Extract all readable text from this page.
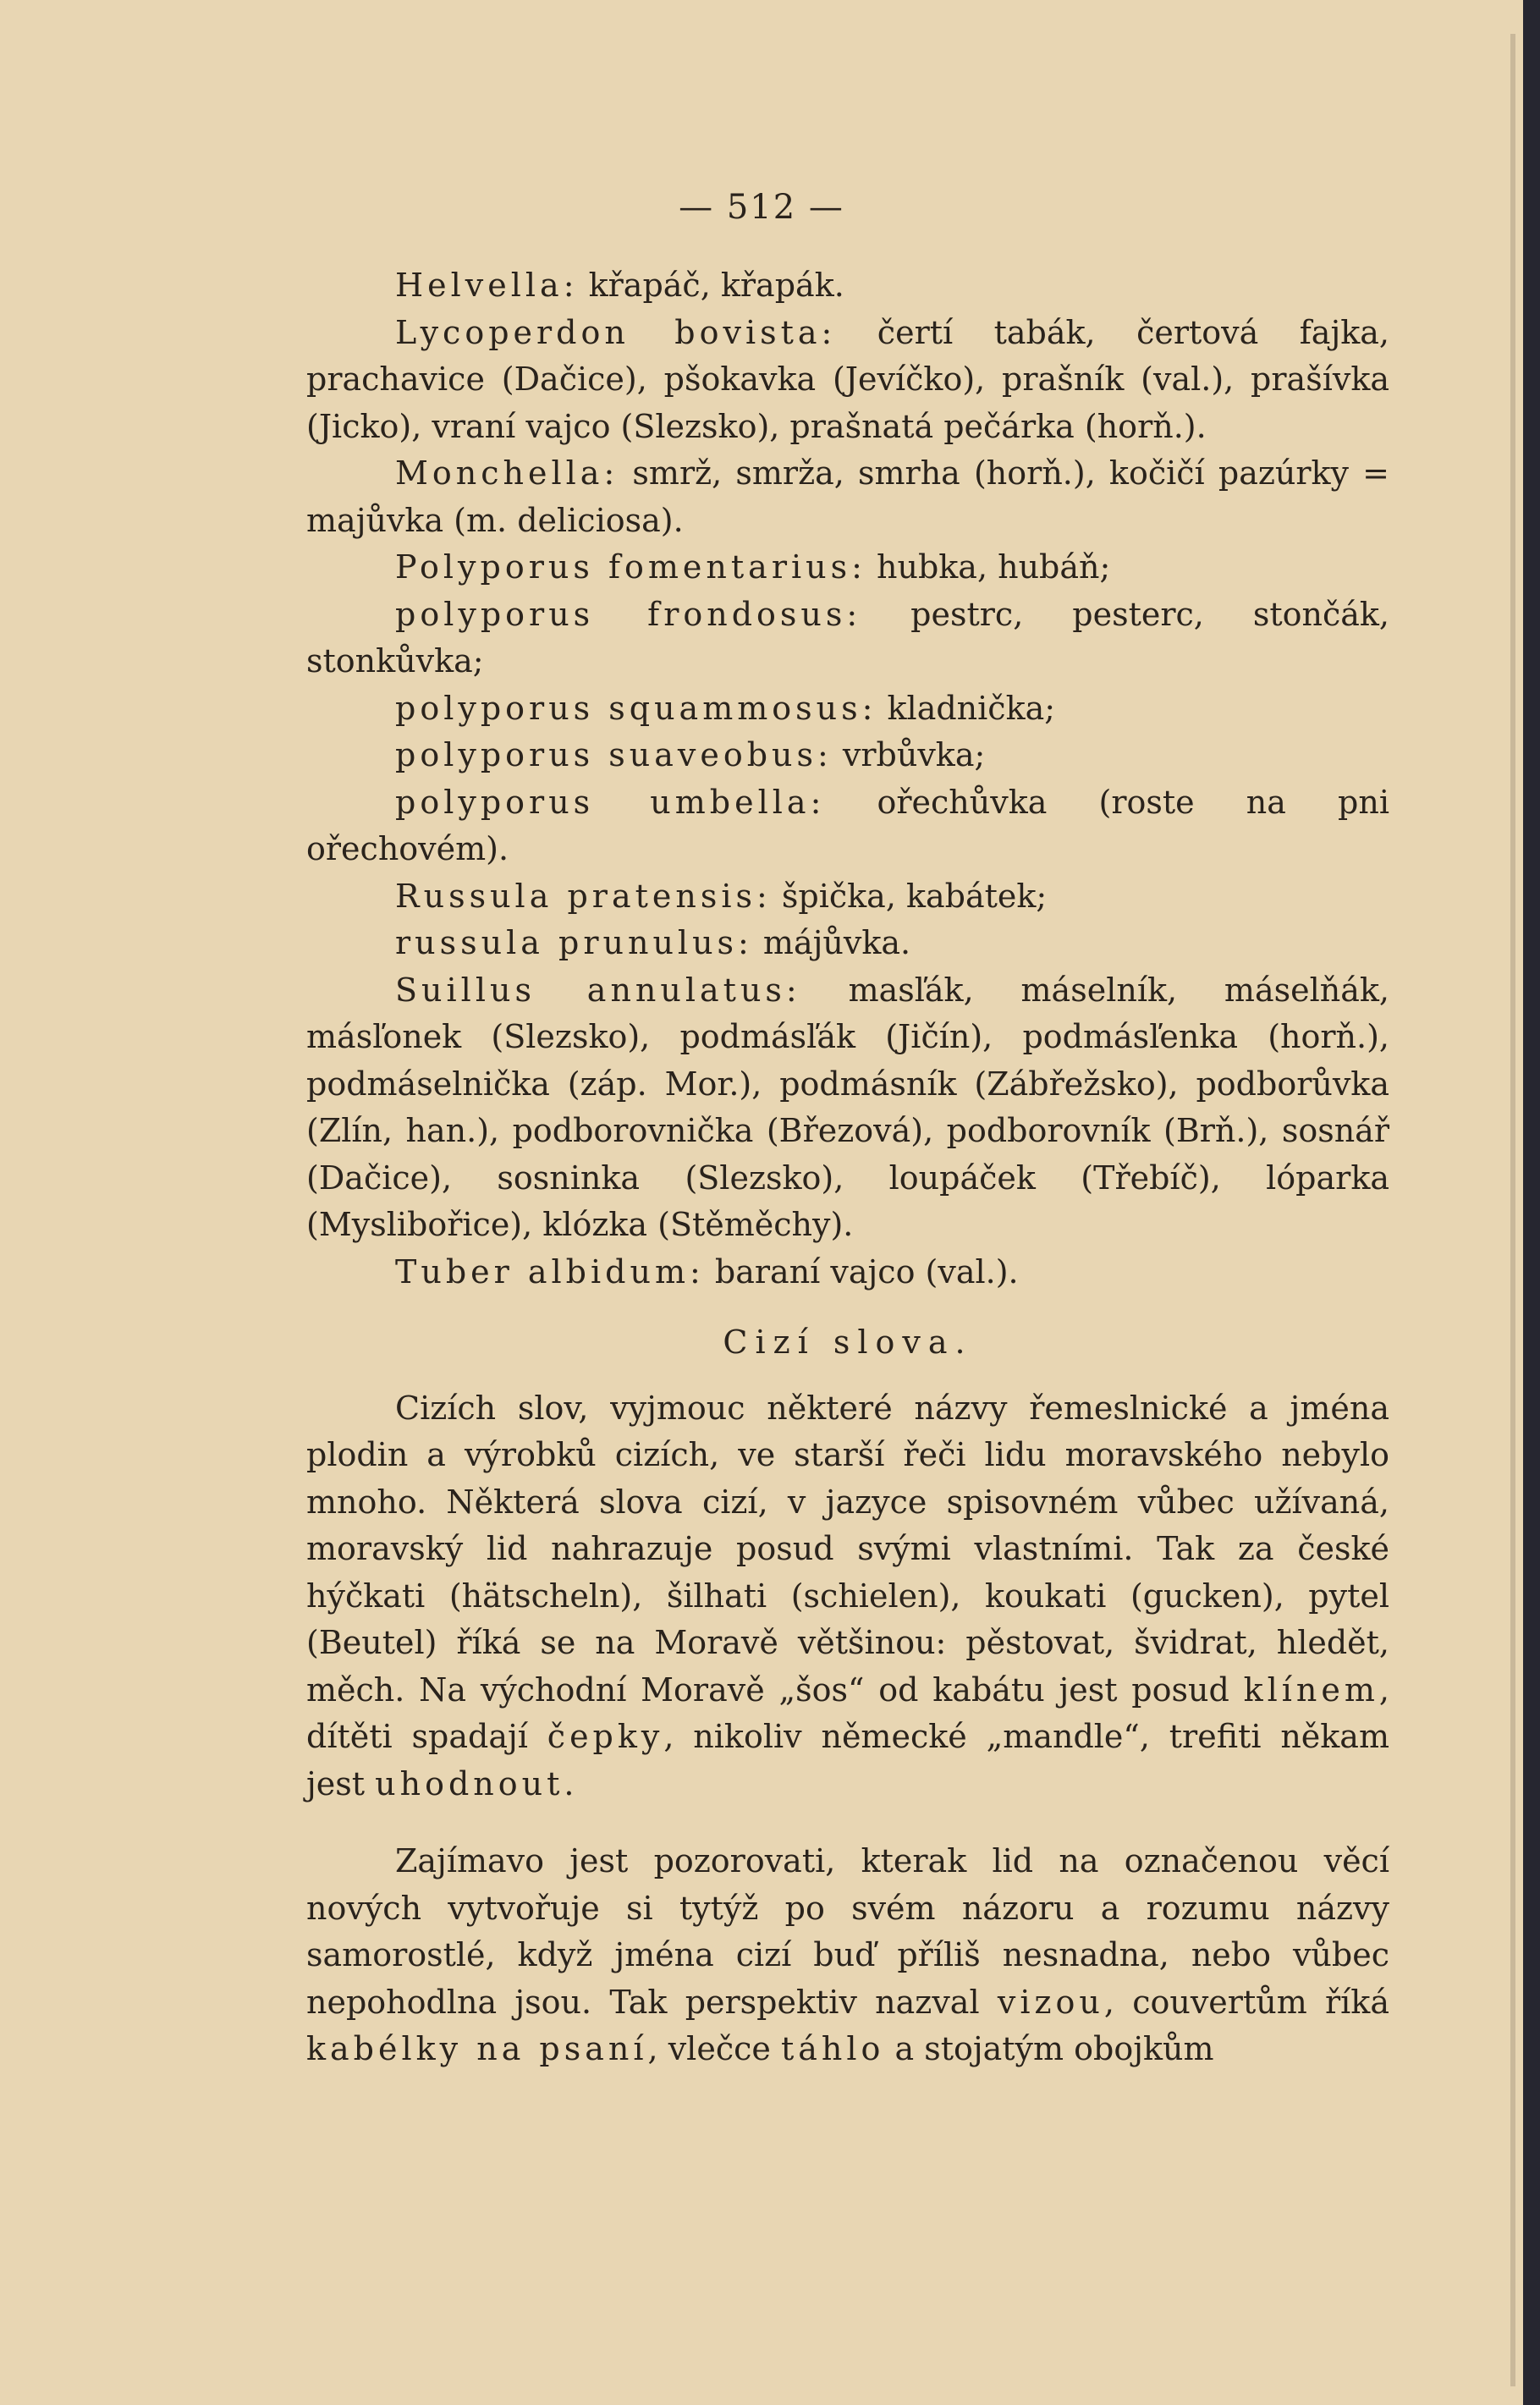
— 512 —

Helvella: křapáč, křapák.

Lycoperdon bovista: čertí tabák, čertová fajka, prachavice (Dačice), pšokavka (Jevíčko), prašník (val.), prašívka (Jicko), vraní vajco (Slezsko), prašnatá pečárka (horň.).

Monchella: smrž, smrža, smrha (horň.), kočičí pazúrky = majůvka (m. deliciosa).

Polyporus fomentarius: hubka, hubáň;

polyporus frondosus: pestrc, pesterc, stončák, stonkůvka;

polyporus squammosus: kladnička;

polyporus suaveobus: vrbůvka;

polyporus umbella: ořechůvka (roste na pni ořechovém).

Russula pratensis: špička, kabátek;

russula prunulus: májůvka.

Suillus annulatus: masľák, máselník, máselňák, másľonek (Slezsko), podmásľák (Jičín), podmásľenka (horň.), podmáselnička (záp. Mor.), podmásník (Zábřežsko), podborůvka (Zlín, han.), podborovnička (Březová), podborovník (Brň.), sosnář (Dačice), sosninka (Slezsko), loupáček (Třebíč), lóparka (Myslibořice), klózka (Stěměchy).

Tuber albidum: baraní vajco (val.).

Cizí slova.

Cizích slov, vyjmouc některé názvy řemeslnické a jména plodin a výrobků cizích, ve starší řeči lidu moravského nebylo mnoho. Některá slova cizí, v jazyce spisovném vůbec užívaná, moravský lid nahrazuje posud svými vlastními. Tak za české hýčkati (hätscheln), šilhati (schielen), koukati (gucken), pytel (Beutel) říká se na Moravě většinou: pěstovat, švidrat, hledět, měch. Na východní Moravě „šos“ od kabátu jest posud klínem, dítěti spadají čepky, nikoliv německé „mandle“, trefiti někam jest uhodnout.

Zajímavo jest pozorovati, kterak lid na označenou věcí nových vytvořuje si tytýž po svém názoru a rozumu názvy samorostlé, když jména cizí buď příliš nesnadna, nebo vůbec nepohodlna jsou. Tak perspektiv nazval vizou, couvertům říká kabélky na psaní, vlečce táhlo a stojatým obojkům
